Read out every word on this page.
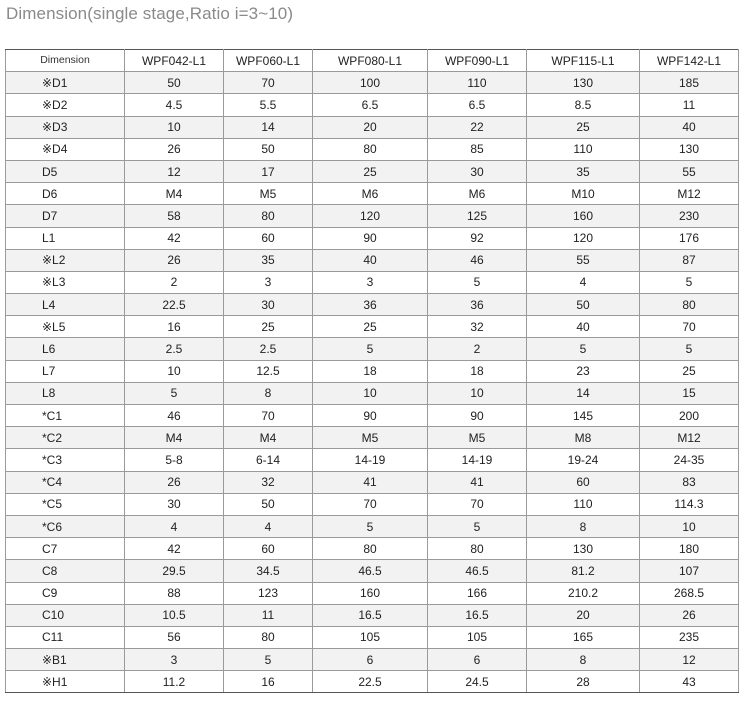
Dimension(single stage,Ratio i=3~10)
Dimension	WPF042-L1	WPF060-L1	WPF080-L1	WPF090-L1	WPF115-L1	WPF142-L1
※D1	50	70	100	110	130	185
※D2	4.5	5.5	6.5	6.5	8.5	11
※D3	10	14	20	22	25	40
※D4	26	50	80	85	110	130
D5	12	17	25	30	35	55
D6	M4	M5	M6	M6	M10	M12
D7	58	80	120	125	160	230
L1	42	60	90	92	120	176
※L2	26	35	40	46	55	87
※L3	2	3	3	5	4	5
L4	22.5	30	36	36	50	80
※L5	16	25	25	32	40	70
L6	2.5	2.5	5	2	5	5
L7	10	12.5	18	18	23	25
L8	5	8	10	10	14	15
*C1	46	70	90	90	145	200
*C2	M4	M4	M5	M5	M8	M12
*C3	5-8	6-14	14-19	14-19	19-24	24-35
*C4	26	32	41	41	60	83
*C5	30	50	70	70	110	114.3
*C6	4	4	5	5	8	10
C7	42	60	80	80	130	180
C8	29.5	34.5	46.5	46.5	81.2	107
C9	88	123	160	166	210.2	268.5
C10	10.5	11	16.5	16.5	20	26
C11	56	80	105	105	165	235
※B1	3	5	6	6	8	12
※H1	11.2	16	22.5	24.5	28	43
